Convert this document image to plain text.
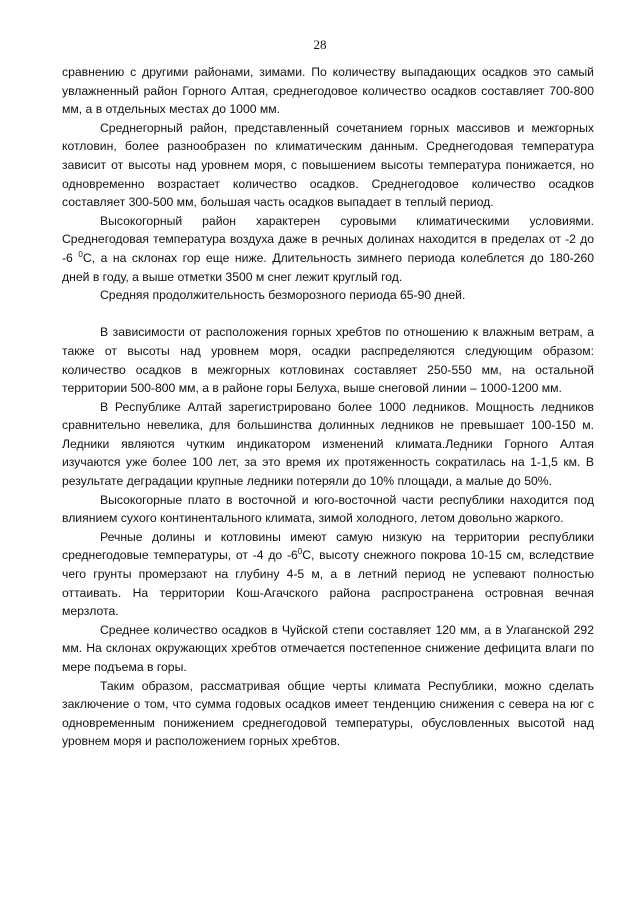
28

сравнению с другими районами, зимами. По количеству выпадающих осадков это самый увлажненный район Горного Алтая, среднегодовое количество осадков составляет 700-800 мм, а в отдельных местах до 1000 мм.

Среднегорный район, представленный сочетанием горных массивов и межгорных котловин, более разнообразен по климатическим данным. Среднегодовая температура зависит от высоты над уровнем моря, с повышением высоты температура понижается, но одновременно возрастает количество осадков. Среднегодовое количество осадков составляет 300-500 мм, большая часть осадков выпадает в теплый период.

Высокогорный район характерен суровыми климатическими условиями. Среднегодовая температура воздуха даже в речных долинах находится в пределах от -2 до -6 $^0$С, а на склонах гор еще ниже. Длительность зимнего периода колеблется до 180-260 дней в году, а выше отметки 3500 м снег лежит круглый год.

Средняя продолжительность безморозного периода 65-90 дней.

В зависимости от расположения горных хребтов по отношению к влажным ветрам, а также от высоты над уровнем моря, осадки распределяются следующим образом: количество осадков в межгорных котловинах составляет 250-550 мм, на остальной территории 500-800 мм, а в районе горы Белуха, выше снеговой линии – 1000-1200 мм.

В Республике Алтай зарегистрировано более 1000 ледников. Мощность ледников сравнительно невелика, для большинства долинных ледников не превышает 100-150 м. Ледники являются чутким индикатором изменений климата.Ледники Горного Алтая изучаются уже более 100 лет, за это время их протяженность сократилась на 1-1,5 км. В результате деградации крупные ледники потеряли до 10% площади, а малые до 50%.

Высокогорные плато в восточной и юго-восточной части республики находится под влиянием сухого континентального климата, зимой холодного, летом довольно жаркого.

Речные долины и котловины имеют самую низкую на территории республики среднегодовые температуры, от -4 до $-6^0С$, высоту снежного покрова 10-15 см, вследствие чего грунты промерзают на глубину 4-5 м, а в летний период не успевают полностью оттаивать. На территории Кош-Агачского района распространена островная вечная мерзлота.

Среднее количество осадков в Чуйской степи составляет 120 мм, а в Улаганской 292 мм. На склонах окружающих хребтов отмечается постепенное снижение дефицита влаги по мере подъема в горы.

Таким образом, рассматривая общие черты климата Республики, можно сделать заключение о том, что сумма годовых осадков имеет тенденцию снижения с севера на юг с одновременным понижением среднегодовой температуры, обусловленных высотой над уровнем моря и расположением горных хребтов.
